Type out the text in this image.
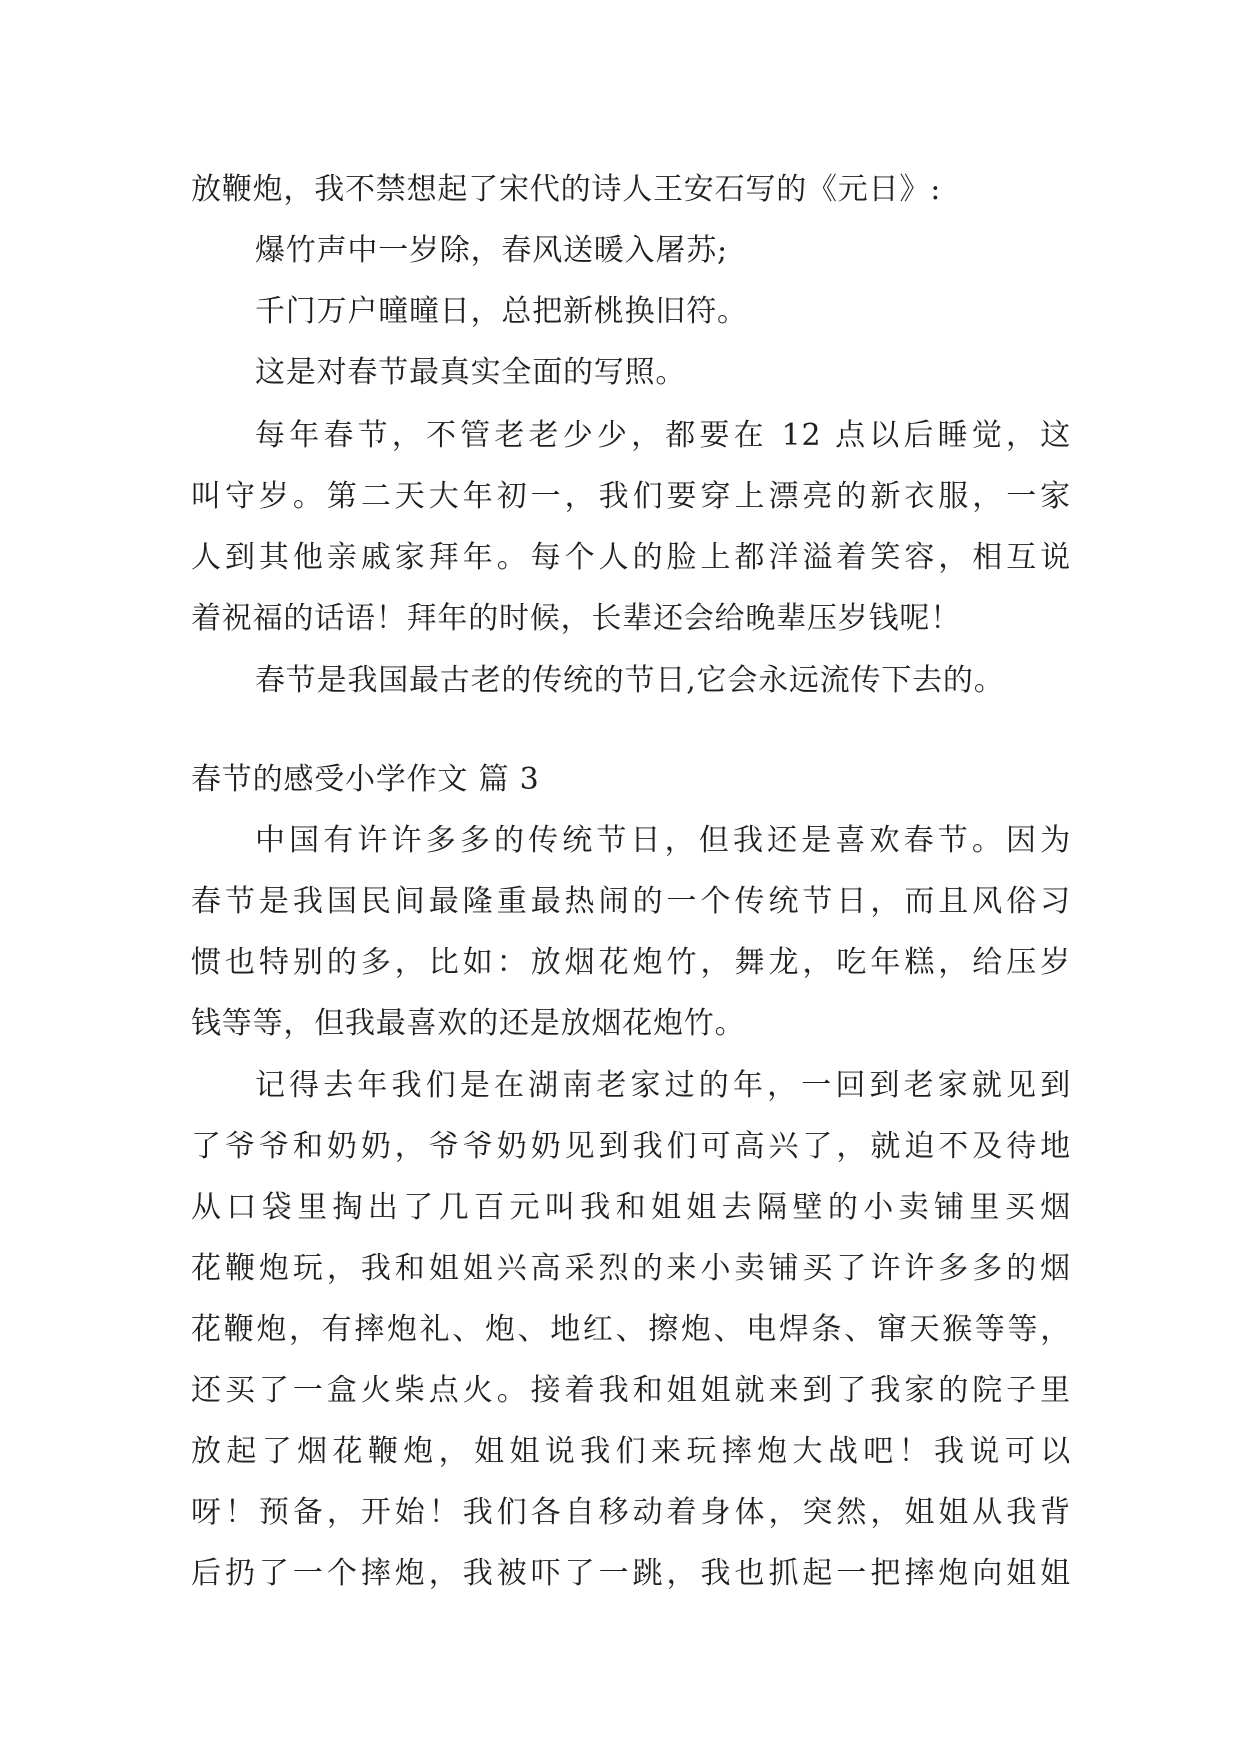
放鞭炮，我不禁想起了宋代的诗人王安石写的《元日》:
爆竹声中一岁除，春风送暖入屠苏;
千门万户曈曈日，总把新桃换旧符。
这是对春节最真实全面的写照。
每年春节，不管老老少少，都要在 12 点以后睡觉，这
叫守岁。第二天大年初一，我们要穿上漂亮的新衣服，一家
人到其他亲戚家拜年。每个人的脸上都洋溢着笑容，相互说
着祝福的话语！拜年的时候，长辈还会给晚辈压岁钱呢！
春节是我国最古老的传统的节日,它会永远流传下去的。
春节的感受小学作文 篇 3
中国有许许多多的传统节日，但我还是喜欢春节。因为
春节是我国民间最隆重最热闹的一个传统节日，而且风俗习
惯也特别的多，比如：放烟花炮竹，舞龙，吃年糕，给压岁
钱等等，但我最喜欢的还是放烟花炮竹。
记得去年我们是在湖南老家过的年，一回到老家就见到
了爷爷和奶奶，爷爷奶奶见到我们可高兴了，就迫不及待地
从口袋里掏出了几百元叫我和姐姐去隔壁的小卖铺里买烟
花鞭炮玩，我和姐姐兴高采烈的来小卖铺买了许许多多的烟
花鞭炮，有摔炮礼、炮、地红、擦炮、电焊条、窜天猴等等，
还买了一盒火柴点火。接着我和姐姐就来到了我家的院子里
放起了烟花鞭炮，姐姐说我们来玩摔炮大战吧！我说可以
呀！预备，开始！我们各自移动着身体，突然，姐姐从我背
后扔了一个摔炮，我被吓了一跳，我也抓起一把摔炮向姐姐
